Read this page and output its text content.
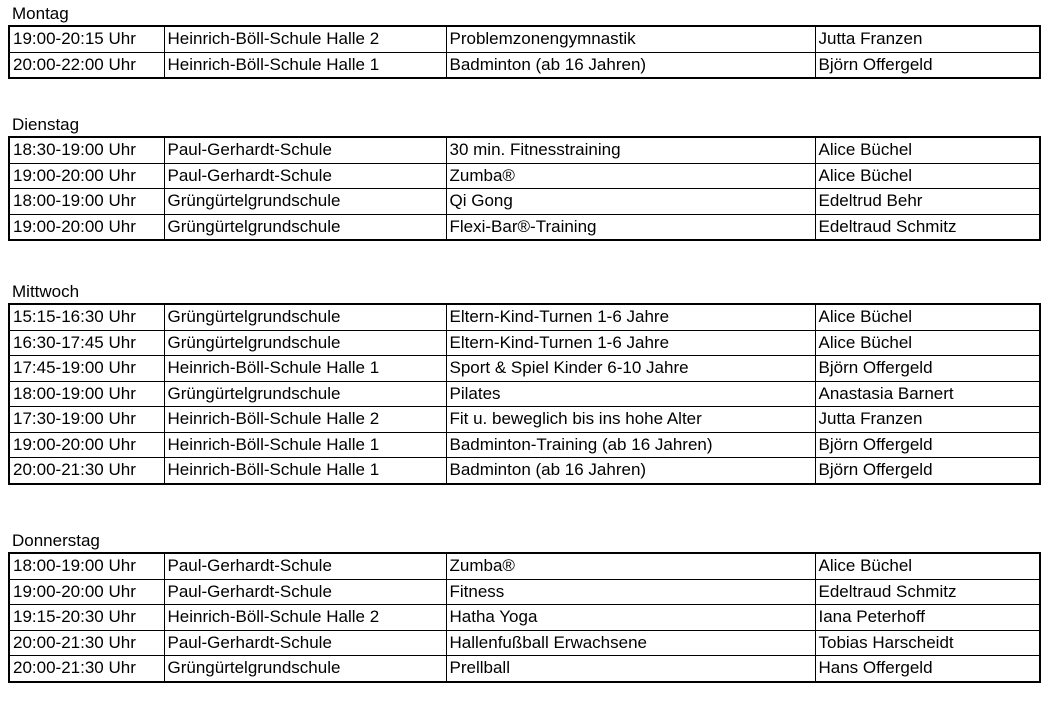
Montag
19:00-20:15 Uhr	Heinrich-Böll-Schule Halle 2	Problemzonengymnastik	Jutta Franzen
20:00-22:00 Uhr	Heinrich-Böll-Schule Halle 1	Badminton (ab 16 Jahren)	Björn Offergeld
Dienstag
18:30-19:00 Uhr	Paul-Gerhardt-Schule	30 min. Fitnesstraining	Alice Büchel
19:00-20:00 Uhr	Paul-Gerhardt-Schule	Zumba®	Alice Büchel
18:00-19:00 Uhr	Grüngürtelgrundschule	Qi Gong	Edeltrud Behr
19:00-20:00 Uhr	Grüngürtelgrundschule	Flexi-Bar®-Training	Edeltraud Schmitz
Mittwoch
15:15-16:30 Uhr	Grüngürtelgrundschule	Eltern-Kind-Turnen 1-6 Jahre	Alice Büchel
16:30-17:45 Uhr	Grüngürtelgrundschule	Eltern-Kind-Turnen 1-6 Jahre	Alice Büchel
17:45-19:00 Uhr	Heinrich-Böll-Schule Halle 1	Sport & Spiel Kinder 6-10 Jahre	Björn Offergeld
18:00-19:00 Uhr	Grüngürtelgrundschule	Pilates	Anastasia Barnert
17:30-19:00 Uhr	Heinrich-Böll-Schule Halle 2	Fit u. beweglich bis ins hohe Alter	Jutta Franzen
19:00-20:00 Uhr	Heinrich-Böll-Schule Halle 1	Badminton-Training (ab 16 Jahren)	Björn Offergeld
20:00-21:30 Uhr	Heinrich-Böll-Schule Halle 1	Badminton (ab 16 Jahren)	Björn Offergeld
Donnerstag
18:00-19:00 Uhr	Paul-Gerhardt-Schule	Zumba®	Alice Büchel
19:00-20:00 Uhr	Paul-Gerhardt-Schule	Fitness	Edeltraud Schmitz
19:15-20:30 Uhr	Heinrich-Böll-Schule Halle 2	Hatha Yoga	Iana Peterhoff
20:00-21:30 Uhr	Paul-Gerhardt-Schule	Hallenfußball Erwachsene	Tobias Harscheidt
20:00-21:30 Uhr	Grüngürtelgrundschule	Prellball	Hans Offergeld
